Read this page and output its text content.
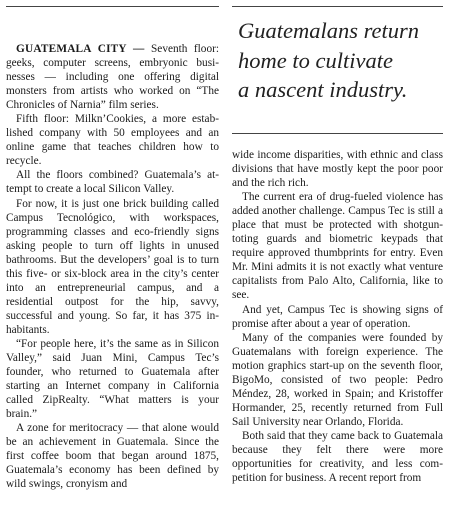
GUATEMALA CITY — Seventh floor: geeks, computer screens, embryonic businesses — including one offering digital monsters from artists who worked on “The Chronicles of Narnia” film series.

Fifth floor: Milkn’Cookies, a more established company with 50 employees and an online game that teaches children how to recycle.

All the floors combined? Guatemala’s attempt to create a local Silicon Valley.

For now, it is just one brick building called Campus Tecnológico, with workspaces, programming classes and eco-friendly signs asking people to turn off lights in unused bathrooms. But the developers’ goal is to turn this five- or six-block area in the city’s center into an entrepreneurial campus, and a residential outpost for the hip, savvy, successful and young. So far, it has 375 inhabitants.

“For people here, it’s the same as in Silicon Valley,” said Juan Mini, Campus Tec’s founder, who returned to Guatemala after starting an Internet company in California called ZipRealty. “What matters is your brain.”

A zone for meritocracy — that alone would be an achievement in Guatemala. Since the first coffee boom that began around 1875, Guatemala’s economy has been defined by wild swings, cronyism and

Guatemalans return
home to cultivate
a nascent industry.

wide income disparities, with ethnic and class divisions that have mostly kept the poor poor and the rich rich.

The current era of drug-fueled violence has added another challenge. Campus Tec is still a place that must be protected with shotgun-toting guards and biometric keypads that require approved thumbprints for entry. Even Mr. Mini admits it is not exactly what venture capitalists from Palo Alto, California, like to see.

And yet, Campus Tec is showing signs of promise after about a year of operation.

Many of the companies were founded by Guatemalans with foreign experience. The motion graphics start-up on the seventh floor, BigoMo, consisted of two people: Pedro Méndez, 28, worked in Spain; and Kristoffer Hormander, 25, recently returned from Full Sail University near Orlando, Florida.

Both said that they came back to Guatemala because they felt there were more opportunities for creativity, and less competition for business. A recent report from
